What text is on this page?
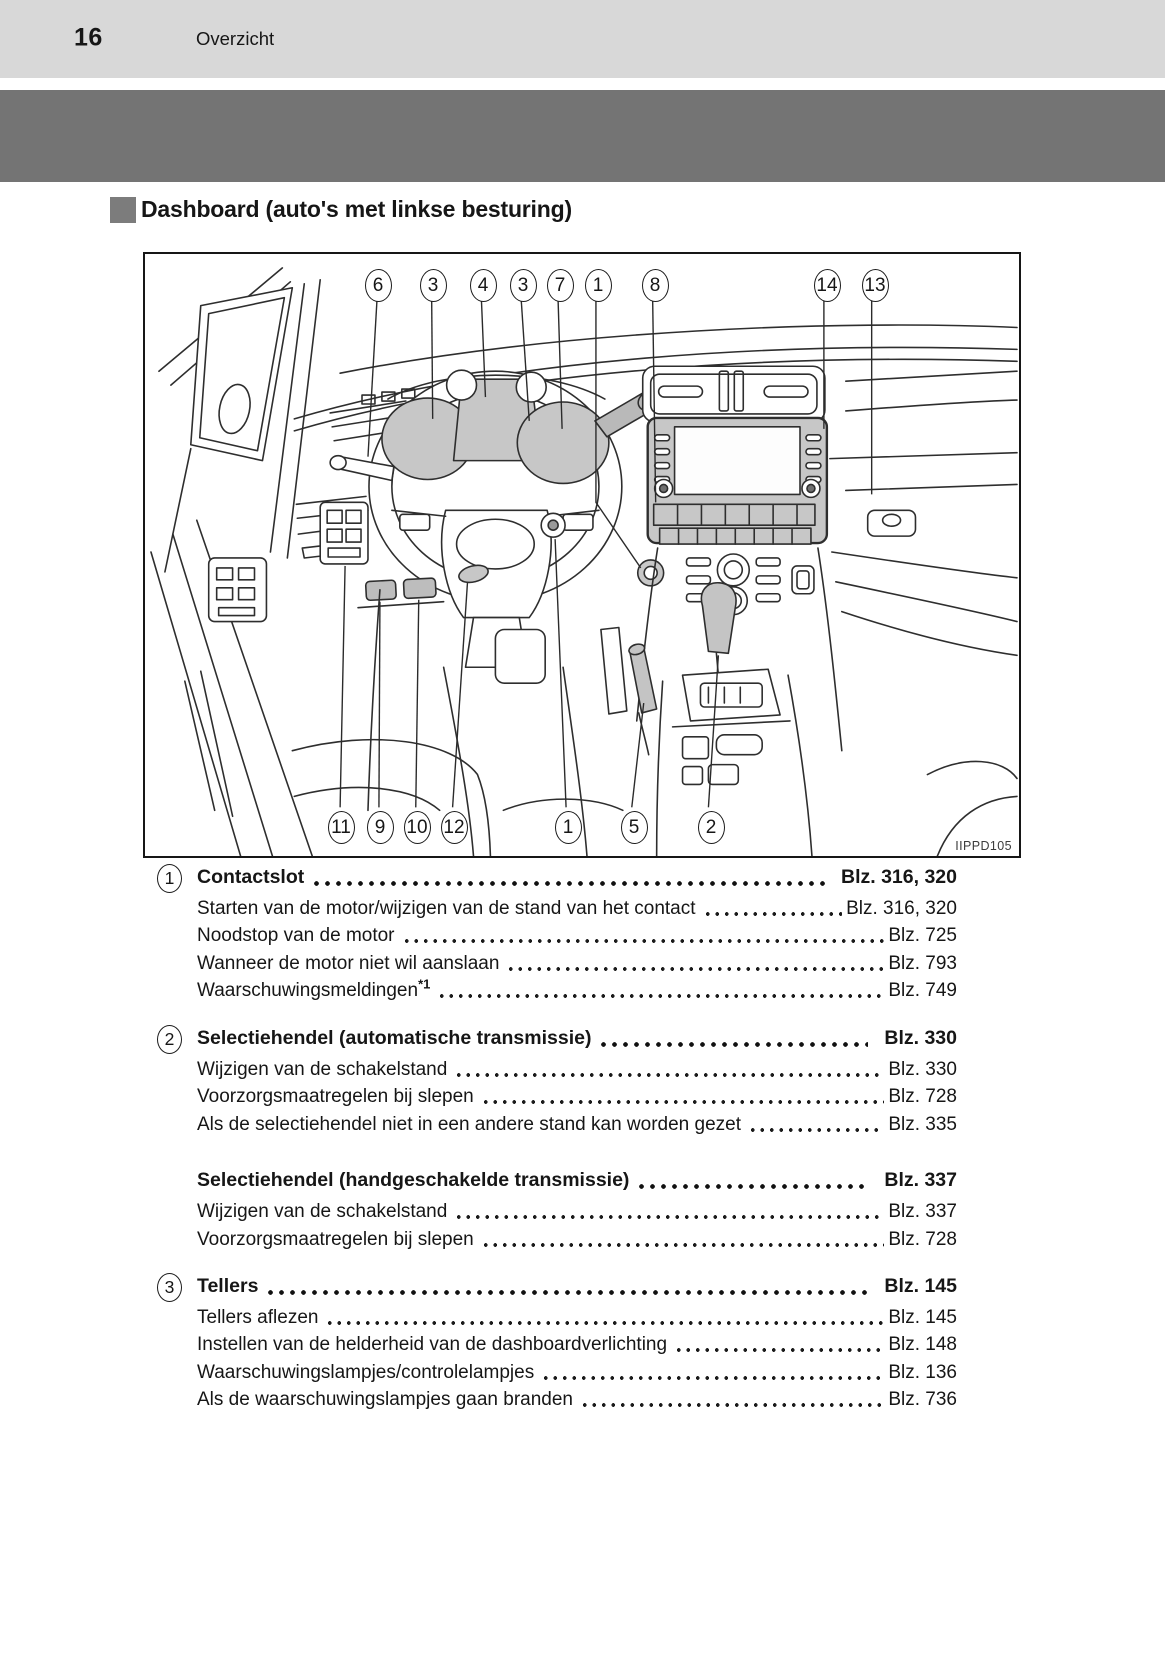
16	Overzicht
Dashboard (auto's met linkse besturing)
IIPPD105
6	3	4	3	7	1	8	14 13
11	9	10 12	1	5	2
1	Contactslot	Blz. 316, 320
Starten van de motor/wijzigen van de stand van het contact	Blz. 316, 320
Noodstop van de motor	Blz. 725
Wanneer de motor niet wil aanslaan	Blz. 793
Waarschuwingsmeldingen$^{*1}$	Blz. 749
2	Selectiehendel (automatische transmissie)	Blz. 330
Wijzigen van de schakelstand	Blz. 330
Voorzorgsmaatregelen bij slepen	Blz. 728
Als de selectiehendel niet in een andere stand kan worden gezet	Blz. 335
Selectiehendel (handgeschakelde transmissie)	Blz. 337
Wijzigen van de schakelstand	Blz. 337
Voorzorgsmaatregelen bij slepen	Blz. 728
3	Tellers	Blz. 145
Tellers aflezen	Blz. 145
Instellen van de helderheid van de dashboardverlichting	Blz. 148
Waarschuwingslampjes/controlelampjes	Blz. 136
Als de waarschuwingslampjes gaan branden	Blz. 736
